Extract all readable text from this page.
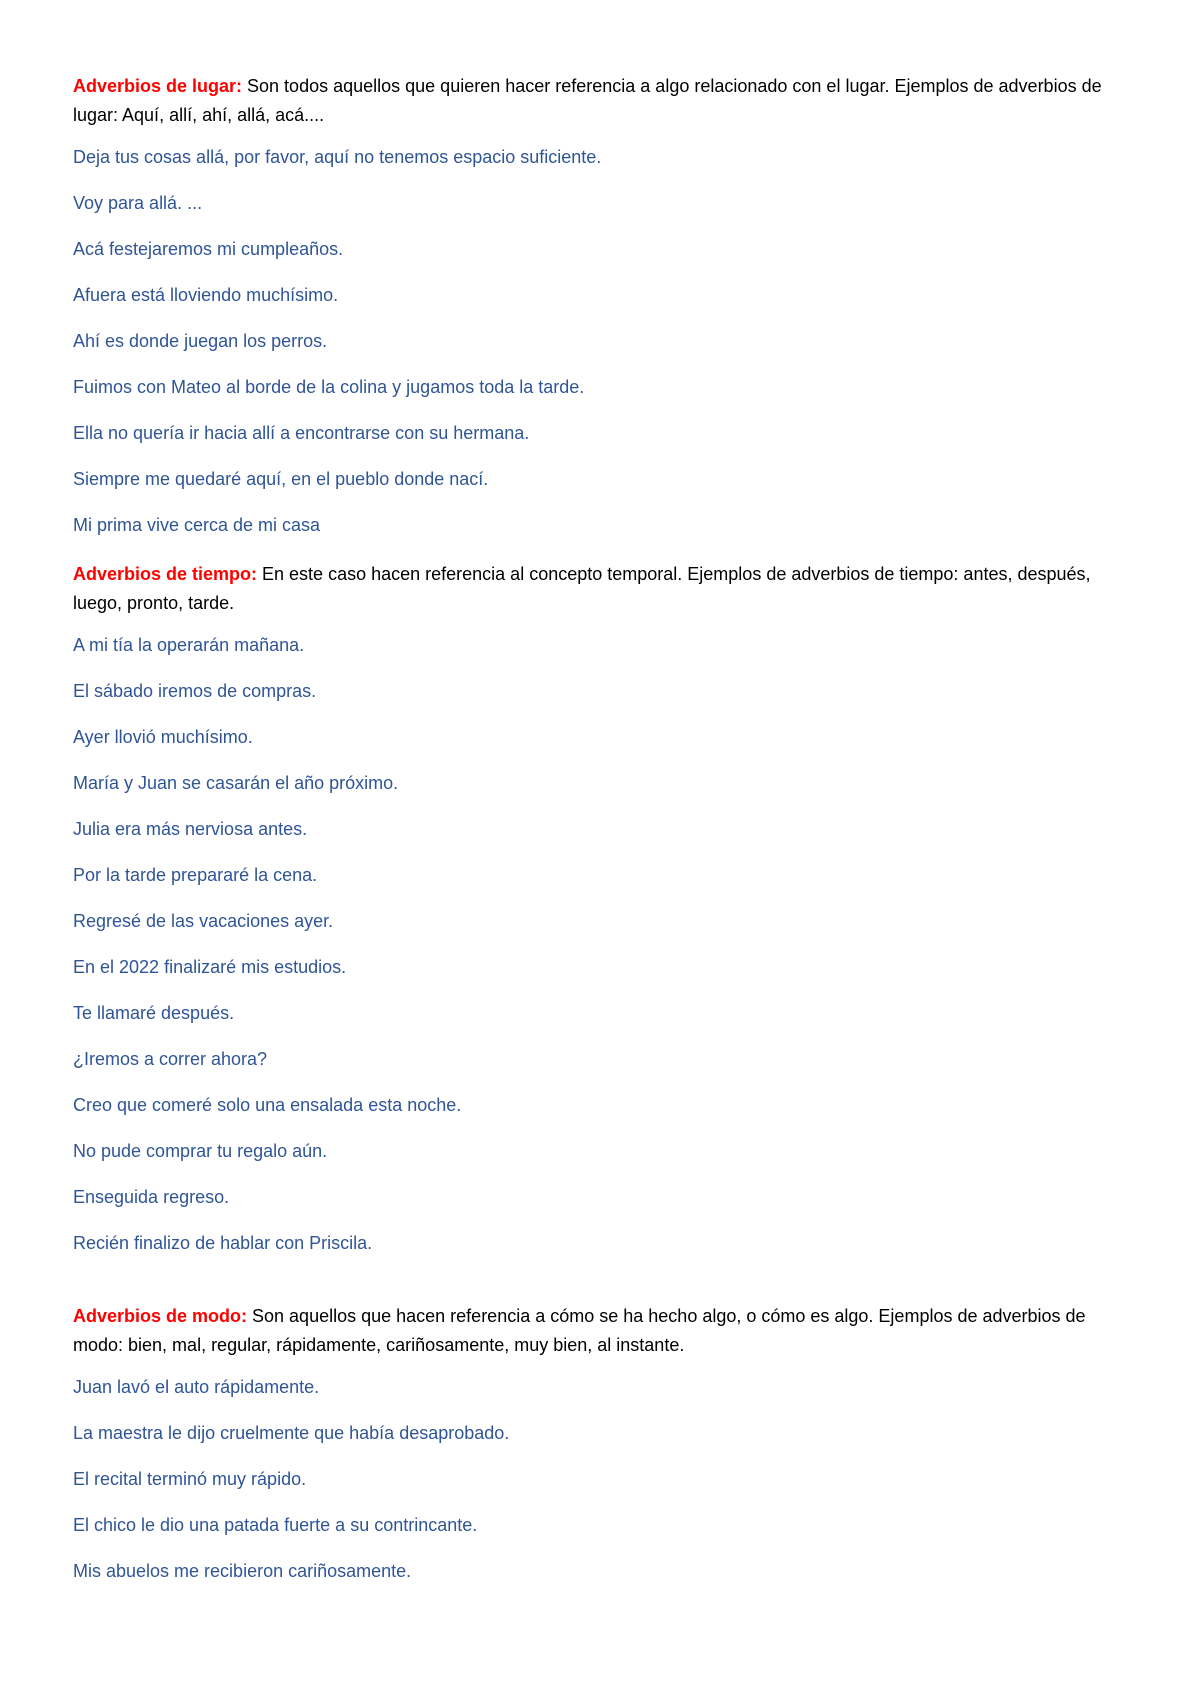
Adverbios de lugar: Son todos aquellos que quieren hacer referencia a algo relacionado con el lugar. Ejemplos de adverbios de lugar: Aquí, allí, ahí, allá, acá....

Deja tus cosas allá, por favor, aquí no tenemos espacio suficiente.

Voy para allá. ...

Acá festejaremos mi cumpleaños.

Afuera está lloviendo muchísimo.

Ahí es donde juegan los perros.

Fuimos con Mateo al borde de la colina y jugamos toda la tarde.

Ella no quería ir hacia allí a encontrarse con su hermana.

Siempre me quedaré aquí, en el pueblo donde nací.

Mi prima vive cerca de mi casa

Adverbios de tiempo: En este caso hacen referencia al concepto temporal. Ejemplos de adverbios de tiempo: antes, después, luego, pronto, tarde.

A mi tía la operarán mañana.

El sábado iremos de compras.

Ayer llovió muchísimo.

María y Juan se casarán el año próximo.

Julia era más nerviosa antes.

Por la tarde prepararé la cena.

Regresé de las vacaciones ayer.

En el 2022 finalizaré mis estudios.

Te llamaré después.

¿Iremos a correr ahora?

Creo que comeré solo una ensalada esta noche.

No pude comprar tu regalo aún.

Enseguida regreso.

Recién finalizo de hablar con Priscila.

Adverbios de modo: Son aquellos que hacen referencia a cómo se ha hecho algo, o cómo es algo. Ejemplos de adverbios de modo: bien, mal, regular, rápidamente, cariñosamente, muy bien, al instante.

Juan lavó el auto rápidamente.

La maestra le dijo cruelmente que había desaprobado.

El recital terminó muy rápido.

El chico le dio una patada fuerte a su contrincante.

Mis abuelos me recibieron cariñosamente.
